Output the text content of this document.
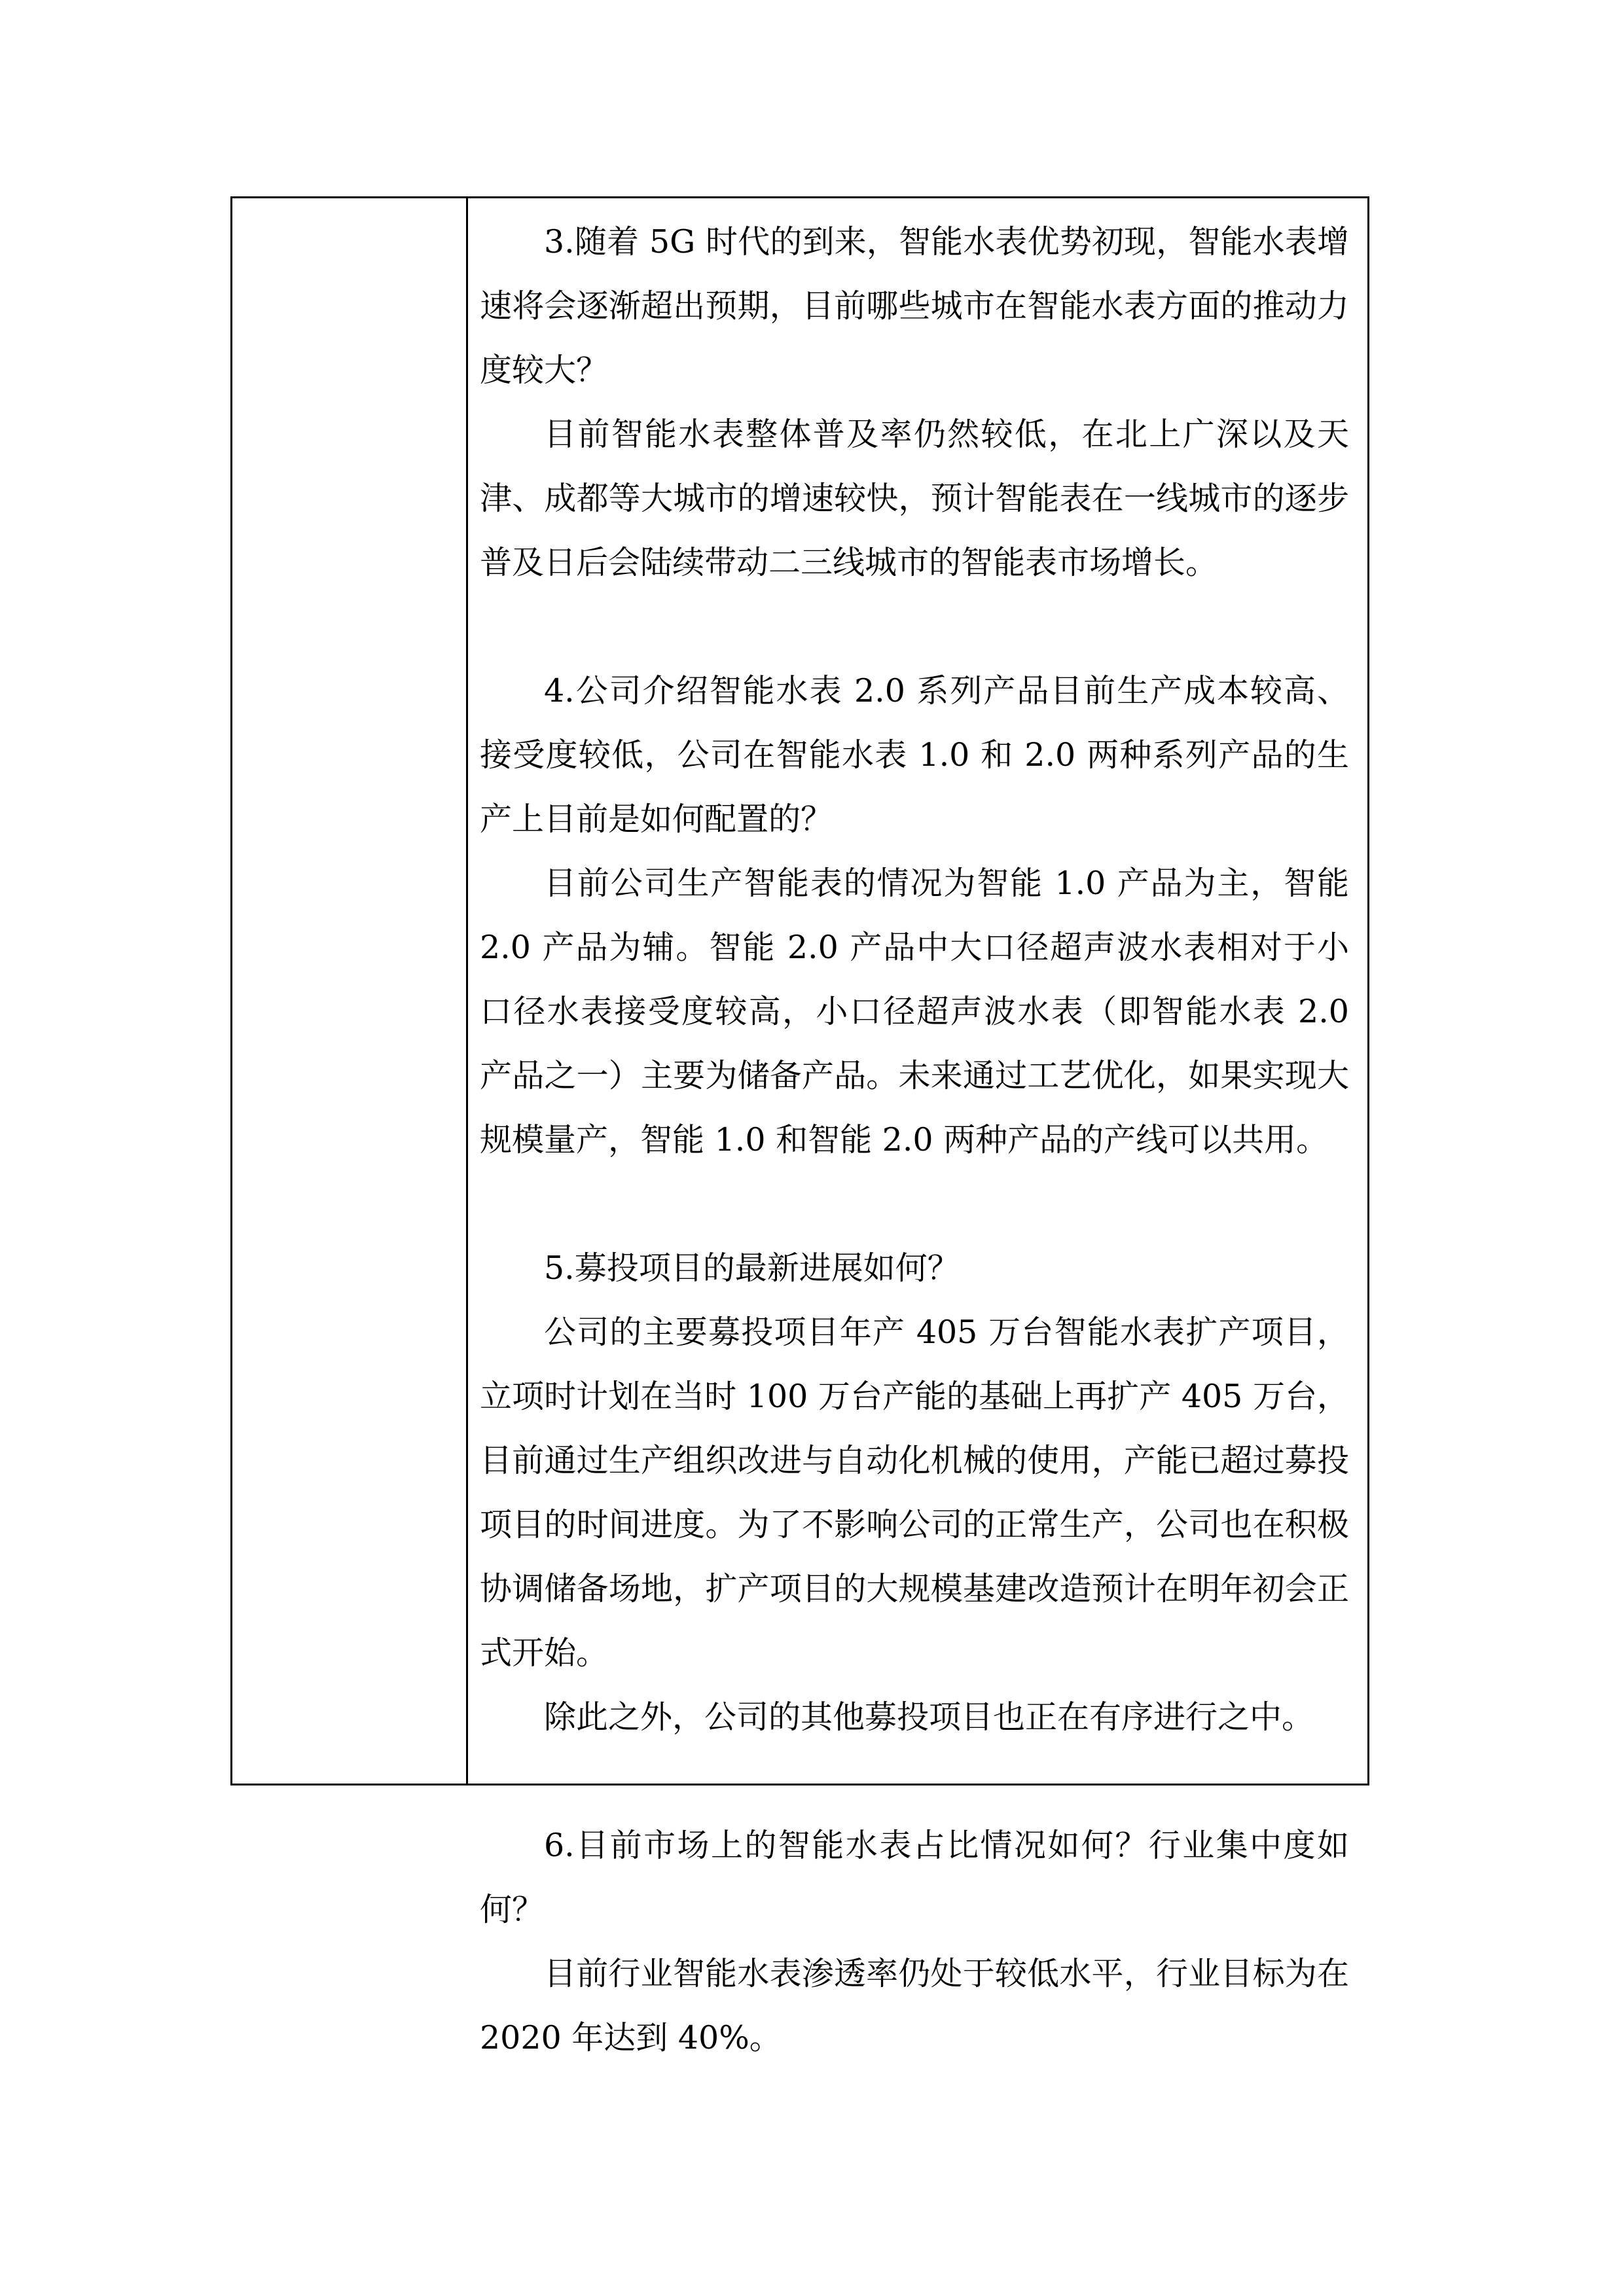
3.随着 5G 时代的到来，智能水表优势初现，智能水表增速将会逐渐超出预期，目前哪些城市在智能水表方面的推动力度较大？

目前智能水表整体普及率仍然较低，在北上广深以及天津、成都等大城市的增速较快，预计智能表在一线城市的逐步普及日后会陆续带动二三线城市的智能表市场增长。

4.公司介绍智能水表 2.0 系列产品目前生产成本较高、接受度较低，公司在智能水表 1.0 和 2.0 两种系列产品的生产上目前是如何配置的？

目前公司生产智能表的情况为智能 1.0 产品为主，智能 2.0 产品为辅。智能 2.0 产品中大口径超声波水表相对于小口径水表接受度较高，小口径超声波水表（即智能水表 2.0 产品之一）主要为储备产品。未来通过工艺优化，如果实现大规模量产，智能 1.0 和智能 2.0 两种产品的产线可以共用。

5.募投项目的最新进展如何？

公司的主要募投项目年产 405 万台智能水表扩产项目，立项时计划在当时 100 万台产能的基础上再扩产 405 万台，目前通过生产组织改进与自动化机械的使用，产能已超过募投项目的时间进度。为了不影响公司的正常生产，公司也在积极协调储备场地，扩产项目的大规模基建改造预计在明年初会正式开始。

除此之外，公司的其他募投项目也正在有序进行之中。

6.目前市场上的智能水表占比情况如何？行业集中度如何？

目前行业智能水表渗透率仍处于较低水平，行业目标为在 2020 年达到 40%。
